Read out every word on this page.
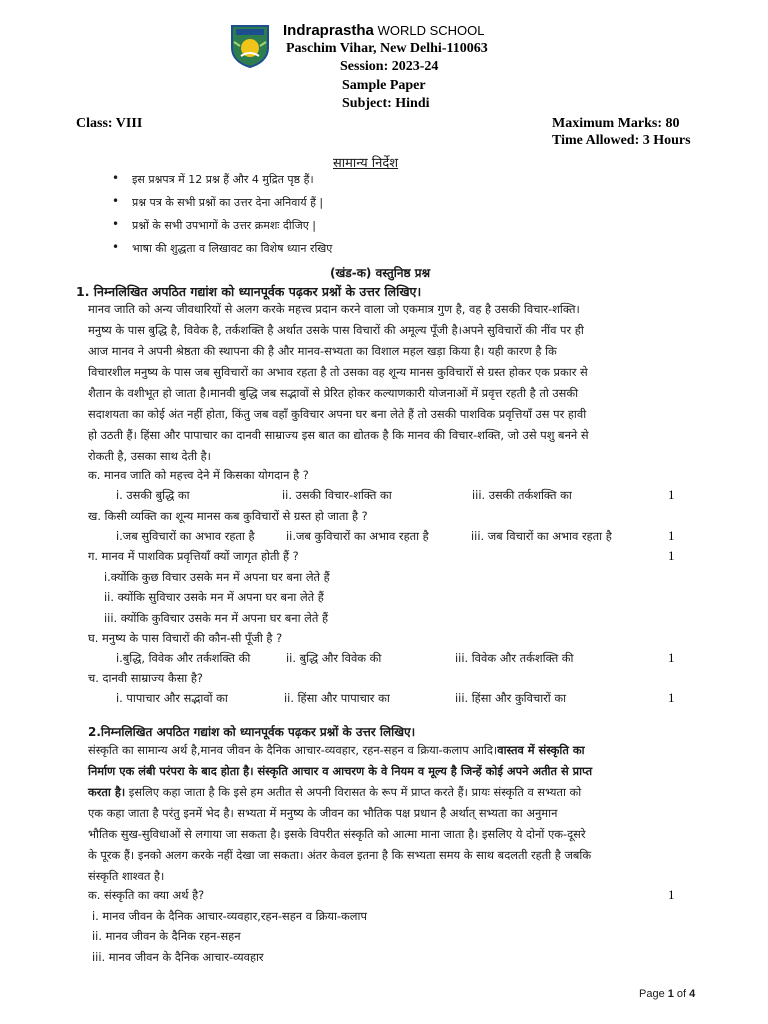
Indraprastha WORLD SCHOOL
Paschim Vihar, New Delhi-110063
Session: 2023-24
Sample Paper
Subject: Hindi
Class: VIII	Maximum Marks: 80
Time Allowed: 3 Hours
सामान्य निर्देश
• इस प्रश्नपत्र में 12 प्रश्न हैं और 4 मुद्रित पृष्ठ हैं।
• प्रश्न पत्र के सभी प्रश्नों का उत्तर देना अनिवार्य हैं |
• प्रश्नों के सभी उपभागों के उत्तर क्रमशः दीजिए |
• भाषा की शुद्धता व लिखावट का विशेष ध्यान रखिए
(खंड-क) वस्तुनिष्ठ प्रश्न
1. निम्नलिखित अपठित गद्यांश को ध्यानपूर्वक पढ़कर प्रश्नों के उत्तर लिखिए।

मानव जाति को अन्य जीवधारियों से अलग करके महत्त्व प्रदान करने वाला जो एकमात्र गुण है, वह है उसकी विचार-शक्ति।

मनुष्य के पास बुद्धि है, विवेक है, तर्कशक्ति है अर्थात उसके पास विचारों की अमूल्य पूँजी है।अपने सुविचारों की नींव पर ही

आज मानव ने अपनी श्रेष्ठता की स्थापना की है और मानव-सभ्यता का विशाल महल खड़ा किया है। यही कारण है कि

विचारशील मनुष्य के पास जब सुविचारों का अभाव रहता है तो उसका वह शून्य मानस कुविचारों से ग्रस्त होकर एक प्रकार से

शैतान के वशीभूत हो जाता है।मानवी बुद्धि जब सद्भावों से प्रेरित होकर कल्याणकारी योजनाओं में प्रवृत्त रहती है तो उसकी

सदाशयता का कोई अंत नहीं होता, किंतु जब वहाँ कुविचार अपना घर बना लेते हैं तो उसकी पाशविक प्रवृत्तियाँ उस पर हावी

हो उठती हैं। हिंसा और पापाचार का दानवी साम्राज्य इस बात का द्योतक है कि मानव की विचार-शक्ति, जो उसे पशु बनने से

रोकती है, उसका साथ देती है।

क. मानव जाति को महत्त्व देने में किसका योगदान है ?
i. उसकी बुद्धि का	ii. उसकी विचार-शक्ति का	iii. उसकी तर्कशक्ति का	1
ख. किसी व्यक्ति का शून्य मानस कब कुविचारों से ग्रस्त हो जाता है ?
i.जब सुविचारों का अभाव रहता है	ii.जब कुविचारों का अभाव रहता है	iii. जब विचारों का अभाव रहता है	1
ग. मानव में पाशविक प्रवृत्तियाँ क्यों जागृत होती हैं ?	1
i.क्योंकि कुछ विचार उसके मन में अपना घर बना लेते हैं
ii. क्योंकि सुविचार उसके मन में अपना घर बना लेते हैं
iii. क्योंकि कुविचार उसके मन में अपना घर बना लेते हैं
घ. मनुष्य के पास विचारों की कौन-सी पूँजी है ?
i.बुद्धि, विवेक और तर्कशक्ति की	ii. बुद्धि और विवेक की	iii. विवेक और तर्कशक्ति की	1
च. दानवी साम्राज्य कैसा है?
i. पापाचार और सद्भावों का	ii. हिंसा और पापाचार का	iii. हिंसा और कुविचारों का	1
2.निम्नलिखित अपठित गद्यांश को ध्यानपूर्वक पढ़कर प्रश्नों के उत्तर लिखिए।

संस्कृति का सामान्य अर्थ है,मानव जीवन के दैनिक आचार-व्यवहार, रहन-सहन व क्रिया-कलाप आदि।वास्तव में संस्कृति का

निर्माण एक लंबी परंपरा के बाद होता है। संस्कृति आचार व आचरण के वे नियम व मूल्य है जिन्हें कोई अपने अतीत से प्राप्त

करता है। इसलिए कहा जाता है कि इसे हम अतीत से अपनी विरासत के रूप में प्राप्त करते हैं। प्रायः संस्कृति व सभ्यता को

एक कहा जाता है परंतु इनमें भेद है। सभ्यता में मनुष्य के जीवन का भौतिक पक्ष प्रधान है अर्थात् सभ्यता का अनुमान

भौतिक सुख-सुविधाओं से लगाया जा सकता है। इसके विपरीत संस्कृति को आत्मा माना जाता है। इसलिए ये दोनों एक-दूसरे

के पूरक हैं। इनको अलग करके नहीं देखा जा सकता। अंतर केवल इतना है कि सभ्यता समय के साथ बदलती रहती है जबकि

संस्कृति शाश्वत है।

क. संस्कृति का क्या अर्थ है?	1
i. मानव जीवन के दैनिक आचार-व्यवहार,रहन-सहन व क्रिया-कलाप
ii. मानव जीवन के दैनिक रहन-सहन
iii. मानव जीवन के दैनिक आचार-व्यवहार
Page 1 of 4
